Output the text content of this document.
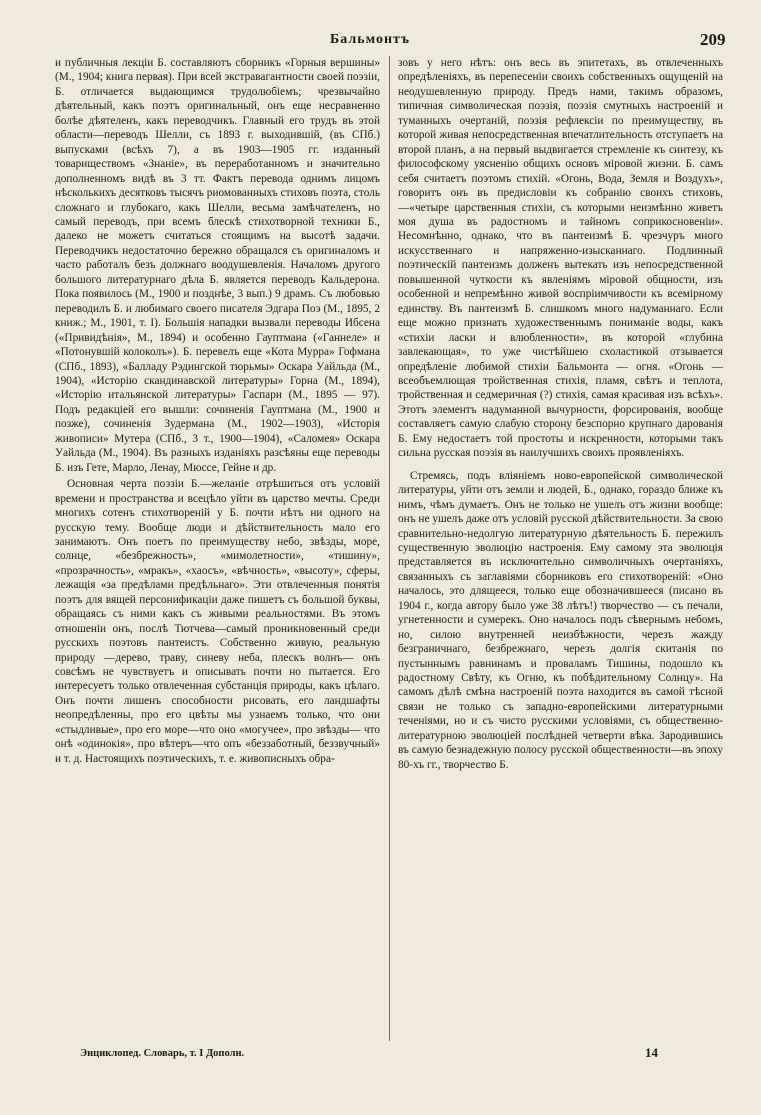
Бальмонтъ	209

и публичныя лекціи Б. составляютъ сборникъ «Горныя вершины» (М., 1904; книга первая). При всей экстравагантности своей поэзіи, Б. отличается выдающимся трудолюбіемъ; чрезвычайно дѣятельный, какъ поэтъ оригинальный, онъ еще несравненно болѣе дѣятеленъ, какъ переводчикъ. Главный его трудъ въ этой области—переводъ Шелли, съ 1893 г. выходившій, (въ СПб.) выпусками (всѣхъ 7), а въ 1903—1905 гг. изданный товариществомъ «Знаніе», въ переработанномъ и значительно дополненномъ видѣ въ 3 тт. Фактъ перевода однимъ лицомъ нѣсколькихъ десятковъ тысячъ риомованныхъ стиховъ поэта, столь сложнаго и глубокаго, какъ Шелли, весьма замѣчателенъ, но самый переводъ, при всемъ блескѣ стихотворной техники Б., далеко не можетъ считаться стоящимъ на высотѣ задачи. Переводчикъ недостаточно бережно обращался съ оригиналомъ и часто работалъ безъ должнаго воодушевленія. Началомъ другого большого литературнаго дѣла Б. является переводъ Кальдерона. Пока появилось (М., 1900 и позднѣе, 3 вып.) 9 драмъ. Съ любовью переводилъ Б. и любимаго своего писателя Эдгара Поэ (М., 1895, 2 книж.; М., 1901, т. I). Большія нападки вызвали переводы Ибсена («Привидѣнія», М., 1894) и особенно Гауптмана («Ганнеле» и «Потонувшій колоколъ»). Б. перевелъ еще «Кота Мурра» Гофмана (СПб., 1893), «Балладу Рэдингской тюрьмы» Оскара Уайльда (М., 1904), «Исторію скандинавской литературы» Горна (М., 1894), «Исторію итальянской литературы» Гаспари (М., 1895 — 97). Подъ редакціей его вышли: сочиненія Гауптмана (М., 1900 и позже), сочиненія Зудермана (М., 1902—1903), «Исторія живописи» Мутера (СПб., 3 т., 1900—1904), «Саломея» Оскара Уайльда (М., 1904). Въ разныхъ изданіяхъ разсѣяны еще переводы Б. изъ Гете, Марло, Ленау, Мюссе, Гейне и др.

Основная черта поэзіи Б.—желаніе отрѣшиться отъ условій времени и пространства и всецѣло уйти въ царство мечты. Среди многихъ сотенъ стихотвореній у Б. почти нѣтъ ни одного на русскую тему. Вообще люди и дѣйствительность мало его занимаютъ. Онъ поетъ по преимуществу небо, звѣзды, море, солнце, «безбрежность», «мимолетности», «тишину», «прозрачность», «мракъ», «хаосъ», «вѣчность», «высоту», сферы, лежащія «за предѣлами предѣльнаго». Эти отвлеченныя понятія поэтъ для вящей персонификаціи даже пишетъ съ большой буквы, обращаясь съ ними какъ съ живыми реальностями. Въ этомъ отношеніи онъ, послѣ Тютчева—самый проникновенный среди русскихъ поэтовъ пантеистъ. Собственно живую, реальную природу —дерево, траву, синеву неба, плескъ волнъ— онъ совсѣмъ не чувствуетъ и описывать почти но пытается. Его интересуетъ только отвлеченная субстанція природы, какъ цѣлаго. Онъ почти лишенъ способности рисовать, его ландшафты неопредѣленны, про его цвѣты мы узнаемъ только, что они «стыдливые», про его море—что оно «могучее», про звѣзды— что онѣ «одинокія», про вѣтеръ—что опъ «беззаботный, беззвучный» и т. д. Настоящихъ поэтическихъ, т. е. живописныхъ обра-

зовъ у него нѣтъ: онъ весь въ эпитетахъ, въ отвлеченныхъ опредѣленіяхъ, въ перепесеніи своихъ собственныхъ ощущеній на неодушевленную природу. Предъ нами, такимъ образомъ, типичная символическая поэзія, поэзія смутныхъ настроеній и туманныхъ очертаній, поэзія рефлексіи по преимуществу, въ которой живая непосредственная впечатлительность отступаетъ на второй планъ, а на первый выдвигается стремленіе къ синтезу, къ философскому уясненію общихъ основъ міровой жизни. Б. самъ себя считаетъ поэтомъ стихій. «Огонь, Вода, Земля и Воздухъ», говоритъ онъ въ предисловіи къ собранію своихъ стиховъ,—«четыре царственныя стихіи, съ которыми неизмѣнно живетъ моя душа въ радостномъ и тайномъ соприкосновеніи». Несомнѣнно, однако, что въ пантеизмѣ Б. чрезчуръ много искусственнаго и напряженно-изысканнаго. Подлинный поэтическій пантеизмъ долженъ вытекать изъ непосредственной повышенной чуткости къ явленіямъ міровой общности, изъ особенной и непремѣнно живой воспріимчивости къ всемірному единству. Въ пантеизмѣ Б. слишкомъ много надуманнаго. Если еще можно признать художественнымъ пониманіе воды, какъ «стихіи ласки и влюбленности», въ которой «глубина завлекающая», то уже чистѣйшею схоластикой отзывается опредѣленіе любимой стихіи Бальмонта — огня. «Огонь — всеобъемлющая тройственная стихія, пламя, свѣтъ и теплота, тройственная и седмеричная (?) стихія, самая красивая изъ всѣхъ». Этотъ элементъ надуманной вычурности, форсированія, вообще составляетъ самую слабую сторону безспорно крупнаго дарованія Б. Ему недостаетъ той простоты и искренности, которыми такъ сильна русская поэзія въ наилучшихъ своихъ проявленіяхъ.

Стремясь, подъ вліяніемъ ново-европейской символической литературы, уйти отъ земли и людей, Б., однако, гораздо ближе къ нимъ, чѣмъ думаетъ. Онъ не только не ушелъ отъ жизни вообще: онъ не ушелъ даже отъ условій русской дѣйствительности. За свою сравнительно-недолгую литературную дѣятельность Б. пережилъ существенную эволюцію настроенія. Ему самому эта эволюція представляется въ исключительно символичныхъ очертаніяхъ, связанныхъ съ заглавіями сборниковъ его стихотвореній: «Оно началось, это длящееся, только еще обозначившееся (писано въ 1904 г., когда автору было уже 38 лѣтъ!) творчество — съ печали, угнетенности и сумерекъ. Оно началось подъ сѣвернымъ небомъ, но, силою внутренней неизбѣжности, черезъ жажду безграничнаго, безбрежнаго, черезъ долгія скитанія по пустыннымъ равнинамъ и проваламъ Тишины, подошло къ радостному Свѣту, къ Огню, къ побѣдительному Солнцу». На самомъ дѣлѣ смѣна настроеній поэта находится въ самой тѣсной связи не только съ западно-европейскими литературными теченіями, но и съ чисто русскими условіями, съ общественно-литературною эволюціей послѣдней четверти вѣка. Зародившись въ самую безнадежную полосу русской общественности—въ эпоху 80-хъ гг., творчество Б.

Энциклопед. Словарь, т. I Дополн.	14
